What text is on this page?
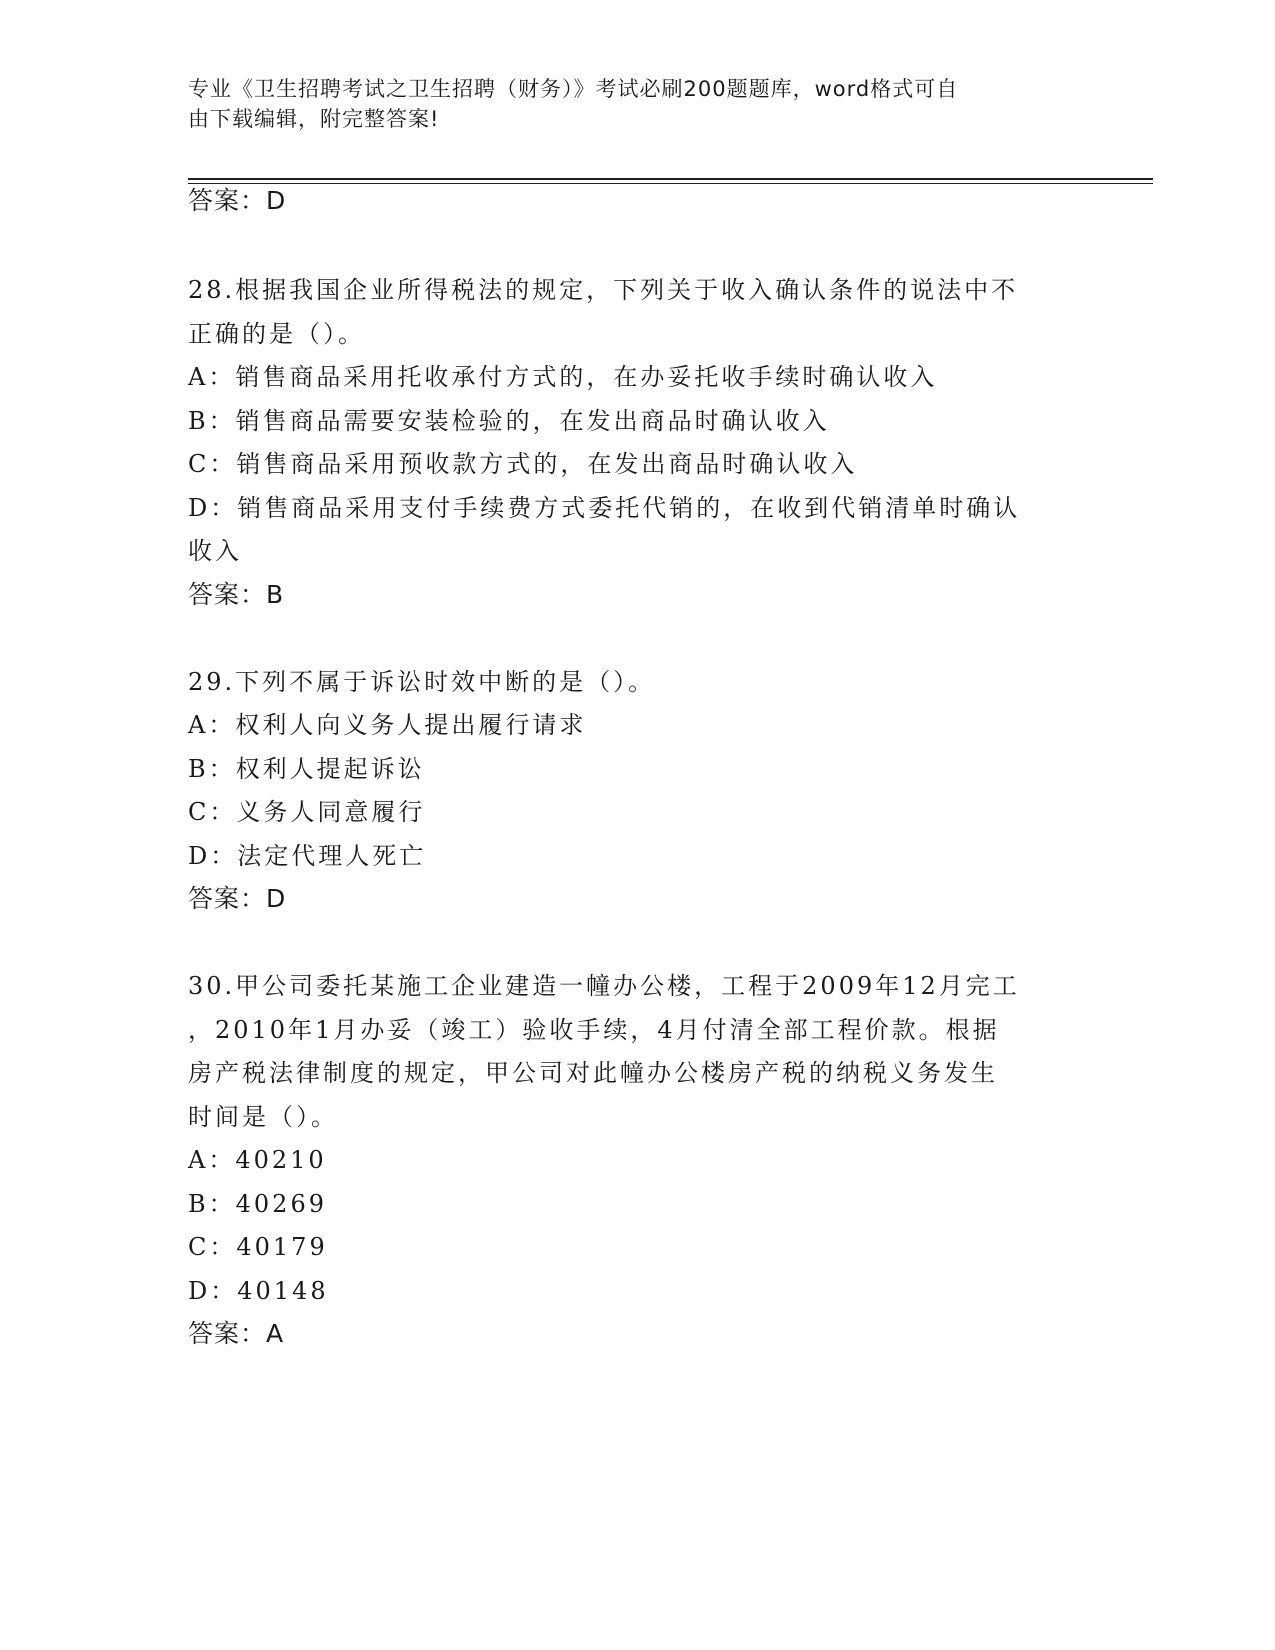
专业《卫生招聘考试之卫生招聘（财务）》考试必刷200题题库，word格式可自
由下载编辑，附完整答案!
答案：D
28.根据我国企业所得税法的规定，下列关于收入确认条件的说法中不
正确的是（）。
A：销售商品采用托收承付方式的，在办妥托收手续时确认收入
B：销售商品需要安装检验的，在发出商品时确认收入
C：销售商品采用预收款方式的，在发出商品时确认收入
D：销售商品采用支付手续费方式委托代销的，在收到代销清单时确认
收入
答案：B
29.下列不属于诉讼时效中断的是（）。
A：权利人向义务人提出履行请求
B：权利人提起诉讼
C：义务人同意履行
D：法定代理人死亡
答案：D
30.甲公司委托某施工企业建造一幢办公楼，工程于2009年12月完工
，2010年1月办妥（竣工）验收手续，4月付清全部工程价款。根据
房产税法律制度的规定，甲公司对此幢办公楼房产税的纳税义务发生
时间是（）。
A：40210
B：40269
C：40179
D：40148
答案：A
